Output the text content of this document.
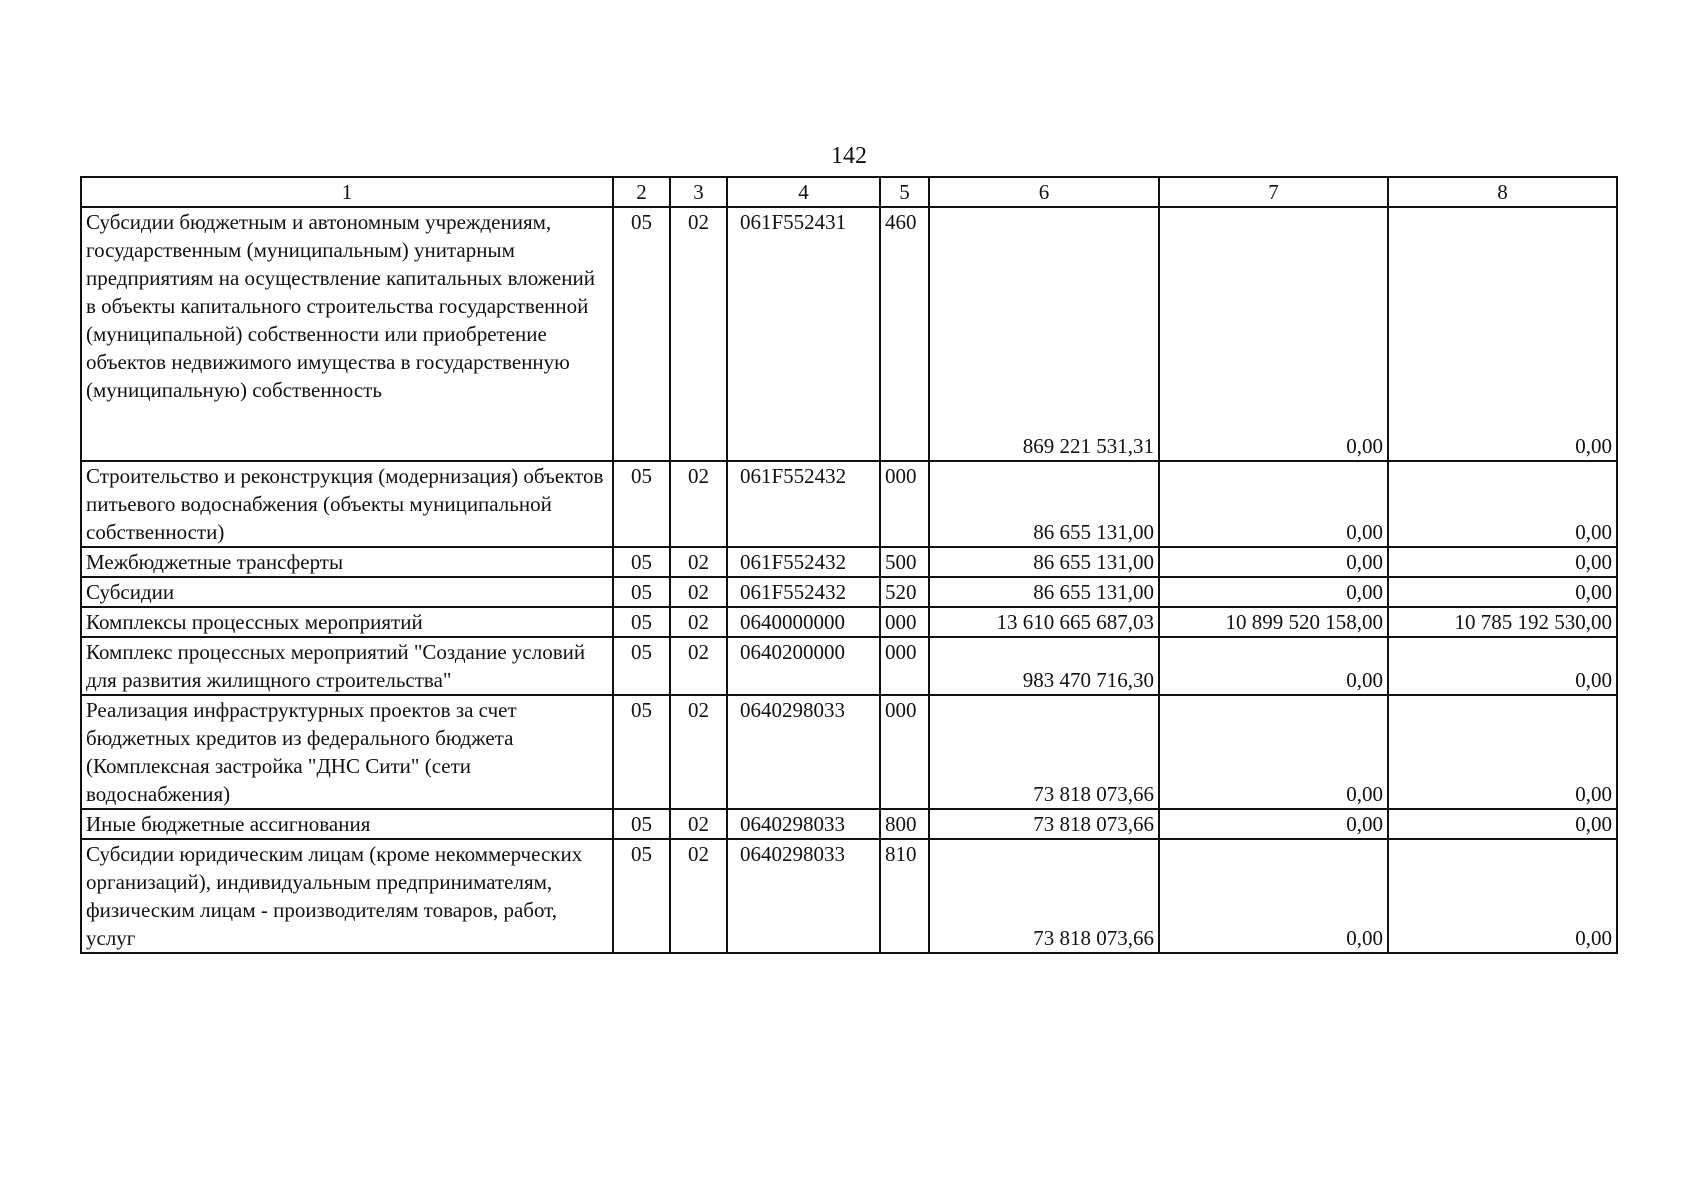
142
1	2	3	4	5	6	7	8
Субсидии бюджетным и автономным учреждениям, государственным (муниципальным) унитарным предприятиям на осуществление капитальных вложений в объекты капитального строительства государственной (муниципальной) собственности или приобретение объектов недвижимого имущества в государственную (муниципальную) собственность	05	02	061F552431	460	869 221 531,31	0,00	0,00
Строительство и реконструкция (модернизация) объектов питьевого водоснабжения (объекты муниципальной собственности)	05	02	061F552432	000	86 655 131,00	0,00	0,00
Межбюджетные трансферты	05	02	061F552432	500	86 655 131,00	0,00	0,00
Субсидии	05	02	061F552432	520	86 655 131,00	0,00	0,00
Комплексы процессных мероприятий	05	02	0640000000	000	13 610 665 687,03	10 899 520 158,00	10 785 192 530,00
Комплекс процессных мероприятий "Создание условий для развития жилищного строительства"	05	02	0640200000	000	983 470 716,30	0,00	0,00
Реализация инфраструктурных проектов за счет бюджетных кредитов из федерального бюджета (Комплексная застройка "ДНС Сити" (сети водоснабжения)	05	02	0640298033	000	73 818 073,66	0,00	0,00
Иные бюджетные ассигнования	05	02	0640298033	800	73 818 073,66	0,00	0,00
Субсидии юридическим лицам (кроме некоммерческих организаций), индивидуальным предпринимателям, физическим лицам - производителям товаров, работ, услуг	05	02	0640298033	810	73 818 073,66	0,00	0,00
